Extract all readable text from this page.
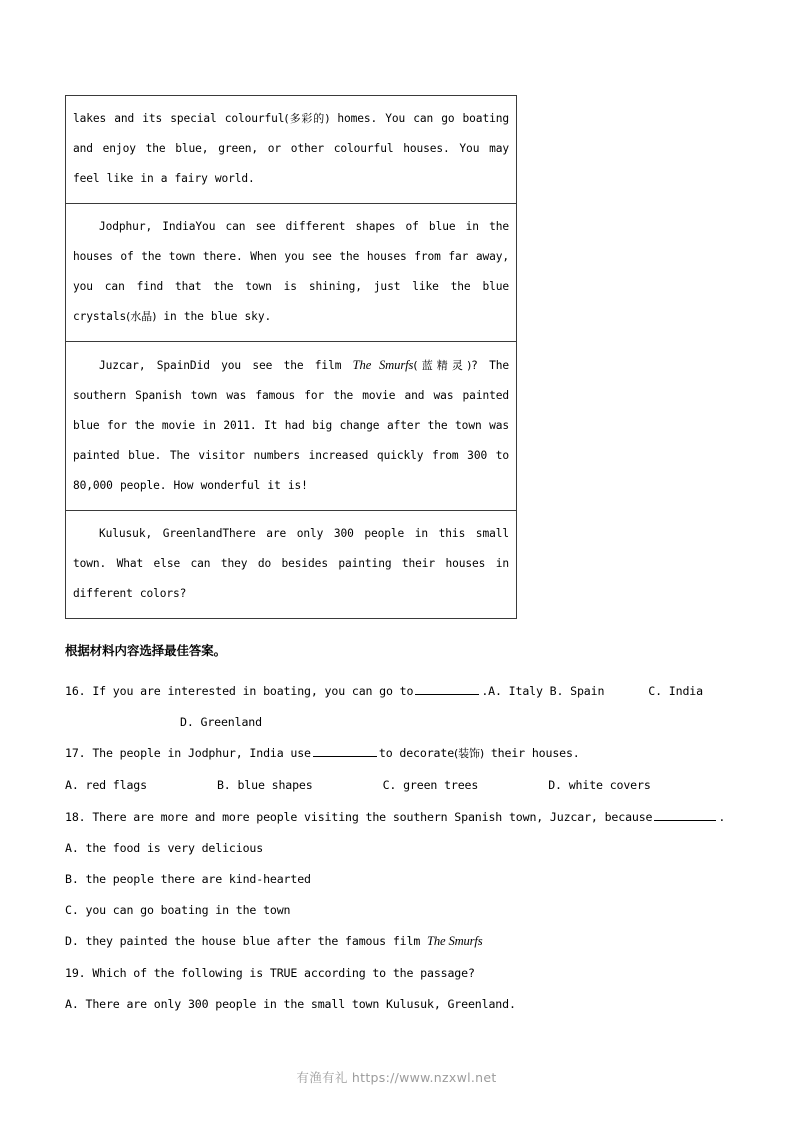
lakes and its special colourful(多彩的) homes. You can go boating and enjoy the blue, green, or other colourful houses. You may feel like in a fairy world.
Jodphur, IndiaYou can see different shapes of blue in the houses of the town there. When you see the houses from far away, you can find that the town is shining, just like the blue crystals(水晶) in the blue sky.
Juzcar, SpainDid you see the film The Smurfs(蓝精灵)? The southern Spanish town was famous for the movie and was painted blue for the movie in 2011. It had big change after the town was painted blue. The visitor numbers increased quickly from 300 to 80,000 people. How wonderful it is!
Kulusuk, GreenlandThere are only 300 people in this small town. What else can they do besides painting their houses in different colors?
根据材料内容选择最佳答案。
16. If you are interested in boating, you can go to	.A. Italy B. Spain	C. India
D. Greenland
17. The people in Jodphur, India use	to decorate(装饰) their houses.
A. red flags	B. blue shapes	C. green trees	D. white covers
18. There are more and more people visiting the southern Spanish town, Juzcar, because	.
A. the food is very delicious
B. the people there are kind-hearted
C. you can go boating in the town
D. they painted the house blue after the famous film The Smurfs
19. Which of the following is TRUE according to the passage?
A. There are only 300 people in the small town Kulusuk, Greenland.
有渔有礼 https://www.nzxwl.net
